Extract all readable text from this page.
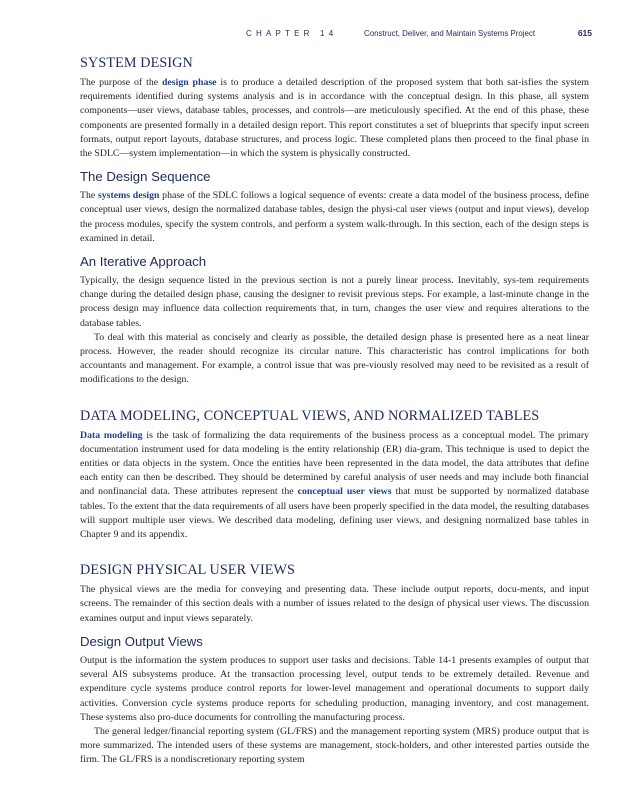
CHAPTER 14	Construct, Deliver, and Maintain Systems Project	615
SYSTEM DESIGN

The purpose of the design phase is to produce a detailed description of the proposed system that both sat-isfies the system requirements identified during systems analysis and is in accordance with the conceptual design. In this phase, all system components—user views, database tables, processes, and controls—are meticulously specified. At the end of this phase, these components are presented formally in a detailed design report. This report constitutes a set of blueprints that specify input screen formats, output report layouts, database structures, and process logic. These completed plans then proceed to the final phase in the SDLC—system implementation—in which the system is physically constructed.

The Design Sequence

The systems design phase of the SDLC follows a logical sequence of events: create a data model of the business process, define conceptual user views, design the normalized database tables, design the physi-cal user views (output and input views), develop the process modules, specify the system controls, and perform a system walk-through. In this section, each of the design steps is examined in detail.

An Iterative Approach

Typically, the design sequence listed in the previous section is not a purely linear process. Inevitably, sys-tem requirements change during the detailed design phase, causing the designer to revisit previous steps. For example, a last-minute change in the process design may influence data collection requirements that, in turn, changes the user view and requires alterations to the database tables.

To deal with this material as concisely and clearly as possible, the detailed design phase is presented here as a neat linear process. However, the reader should recognize its circular nature. This characteristic has control implications for both accountants and management. For example, a control issue that was pre-viously resolved may need to be revisited as a result of modifications to the design.

DATA MODELING, CONCEPTUAL VIEWS, AND NORMALIZED TABLES

Data modeling is the task of formalizing the data requirements of the business process as a conceptual model. The primary documentation instrument used for data modeling is the entity relationship (ER) dia-gram. This technique is used to depict the entities or data objects in the system. Once the entities have been represented in the data model, the data attributes that define each entity can then be described. They should be determined by careful analysis of user needs and may include both financial and nonfinancial data. These attributes represent the conceptual user views that must be supported by normalized database tables. To the extent that the data requirements of all users have been properly specified in the data model, the resulting databases will support multiple user views. We described data modeling, defining user views, and designing normalized base tables in Chapter 9 and its appendix.

DESIGN PHYSICAL USER VIEWS

The physical views are the media for conveying and presenting data. These include output reports, docu-ments, and input screens. The remainder of this section deals with a number of issues related to the design of physical user views. The discussion examines output and input views separately.

Design Output Views

Output is the information the system produces to support user tasks and decisions. Table 14-1 presents examples of output that several AIS subsystems produce. At the transaction processing level, output tends to be extremely detailed. Revenue and expenditure cycle systems produce control reports for lower-level management and operational documents to support daily activities. Conversion cycle systems produce reports for scheduling production, managing inventory, and cost management. These systems also pro-duce documents for controlling the manufacturing process.

The general ledger/financial reporting system (GL/FRS) and the management reporting system (MRS) produce output that is more summarized. The intended users of these systems are management, stock-holders, and other interested parties outside the firm. The GL/FRS is a nondiscretionary reporting system
